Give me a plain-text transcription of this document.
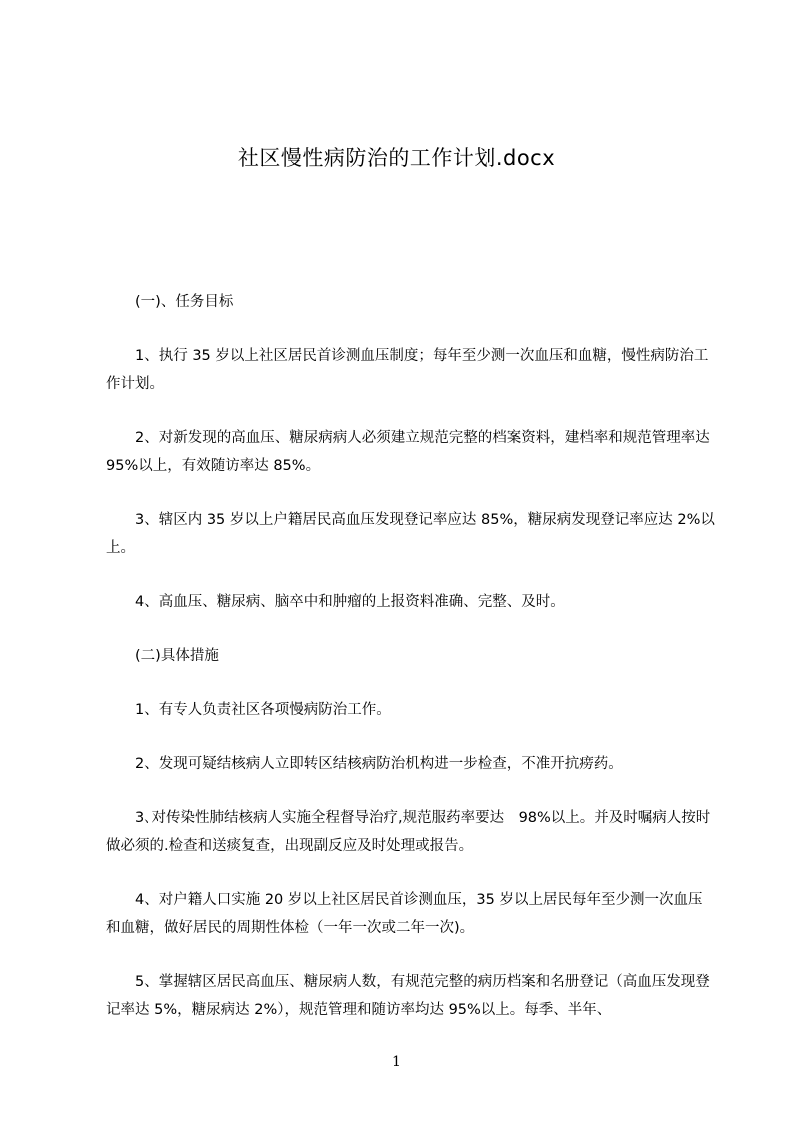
社区慢性病防治的工作计划.docx

(一)、任务目标

1、执行 35 岁以上社区居民首诊测血压制度；每年至少测一次血压和血糖，慢性病防治工作计划。

2、对新发现的高血压、糖尿病病人必须建立规范完整的档案资料，建档率和规范管理率达 95%以上，有效随访率达 85%。

3、辖区内 35 岁以上户籍居民高血压发现登记率应达 85%，糖尿病发现登记率应达 2%以上。

4、高血压、糖尿病、脑卒中和肿瘤的上报资料准确、完整、及时。

(二)具体措施

1、有专人负责社区各项慢病防治工作。

2、发现可疑结核病人立即转区结核病防治机构进一步检查，不准开抗痨药。

3､对传染性肺结核病人实施全程督导治疗,规范服药率要达　98%以上。并及时嘱病人按时做必须的.检查和送痰复查，出现副反应及时处理或报告。

4、对户籍人口实施 20 岁以上社区居民首诊测血压，35 岁以上居民每年至少测一次血压和血糖，做好居民的周期性体检（一年一次或二年一次)。

5、掌握辖区居民高血压、糖尿病人数，有规范完整的病历档案和名册登记（高血压发现登记率达 5%，糖尿病达 2%），规范管理和随访率均达 95%以上。每季、半年、

1
